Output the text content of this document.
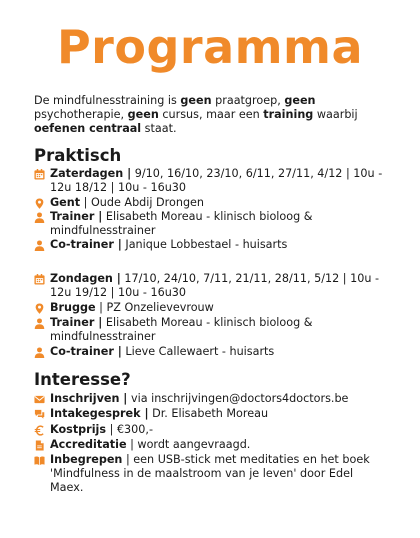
Programma
De mindfulnesstraining is geen praatgroep, geen psychotherapie, geen cursus, maar een training waarbij oefenen centraal staat.
Praktisch
Zaterdagen | 9/10, 16/10, 23/10, 6/11, 27/11, 4/12 | 10u - 12u 18/12 | 10u - 16u30
Gent | Oude Abdij Drongen
Trainer | Elisabeth Moreau - klinisch bioloog & mindfulnesstrainer
Co-trainer | Janique Lobbestael - huisarts
Zondagen | 17/10, 24/10, 7/11, 21/11, 28/11, 5/12 | 10u - 12u 19/12 | 10u - 16u30
Brugge | PZ Onzelievevrouw
Trainer | Elisabeth Moreau - klinisch bioloog & mindfulnesstrainer
Co-trainer | Lieve Callewaert - huisarts
Interesse?
Inschrijven | via inschrijvingen@doctors4doctors.be
Intakegesprek | Dr. Elisabeth Moreau
Kostprijs | €300,-
Accreditatie | wordt aangevraagd.
Inbegrepen | een USB-stick met meditaties en het boek 'Mindfulness in de maalstroom van je leven' door Edel Maex.
